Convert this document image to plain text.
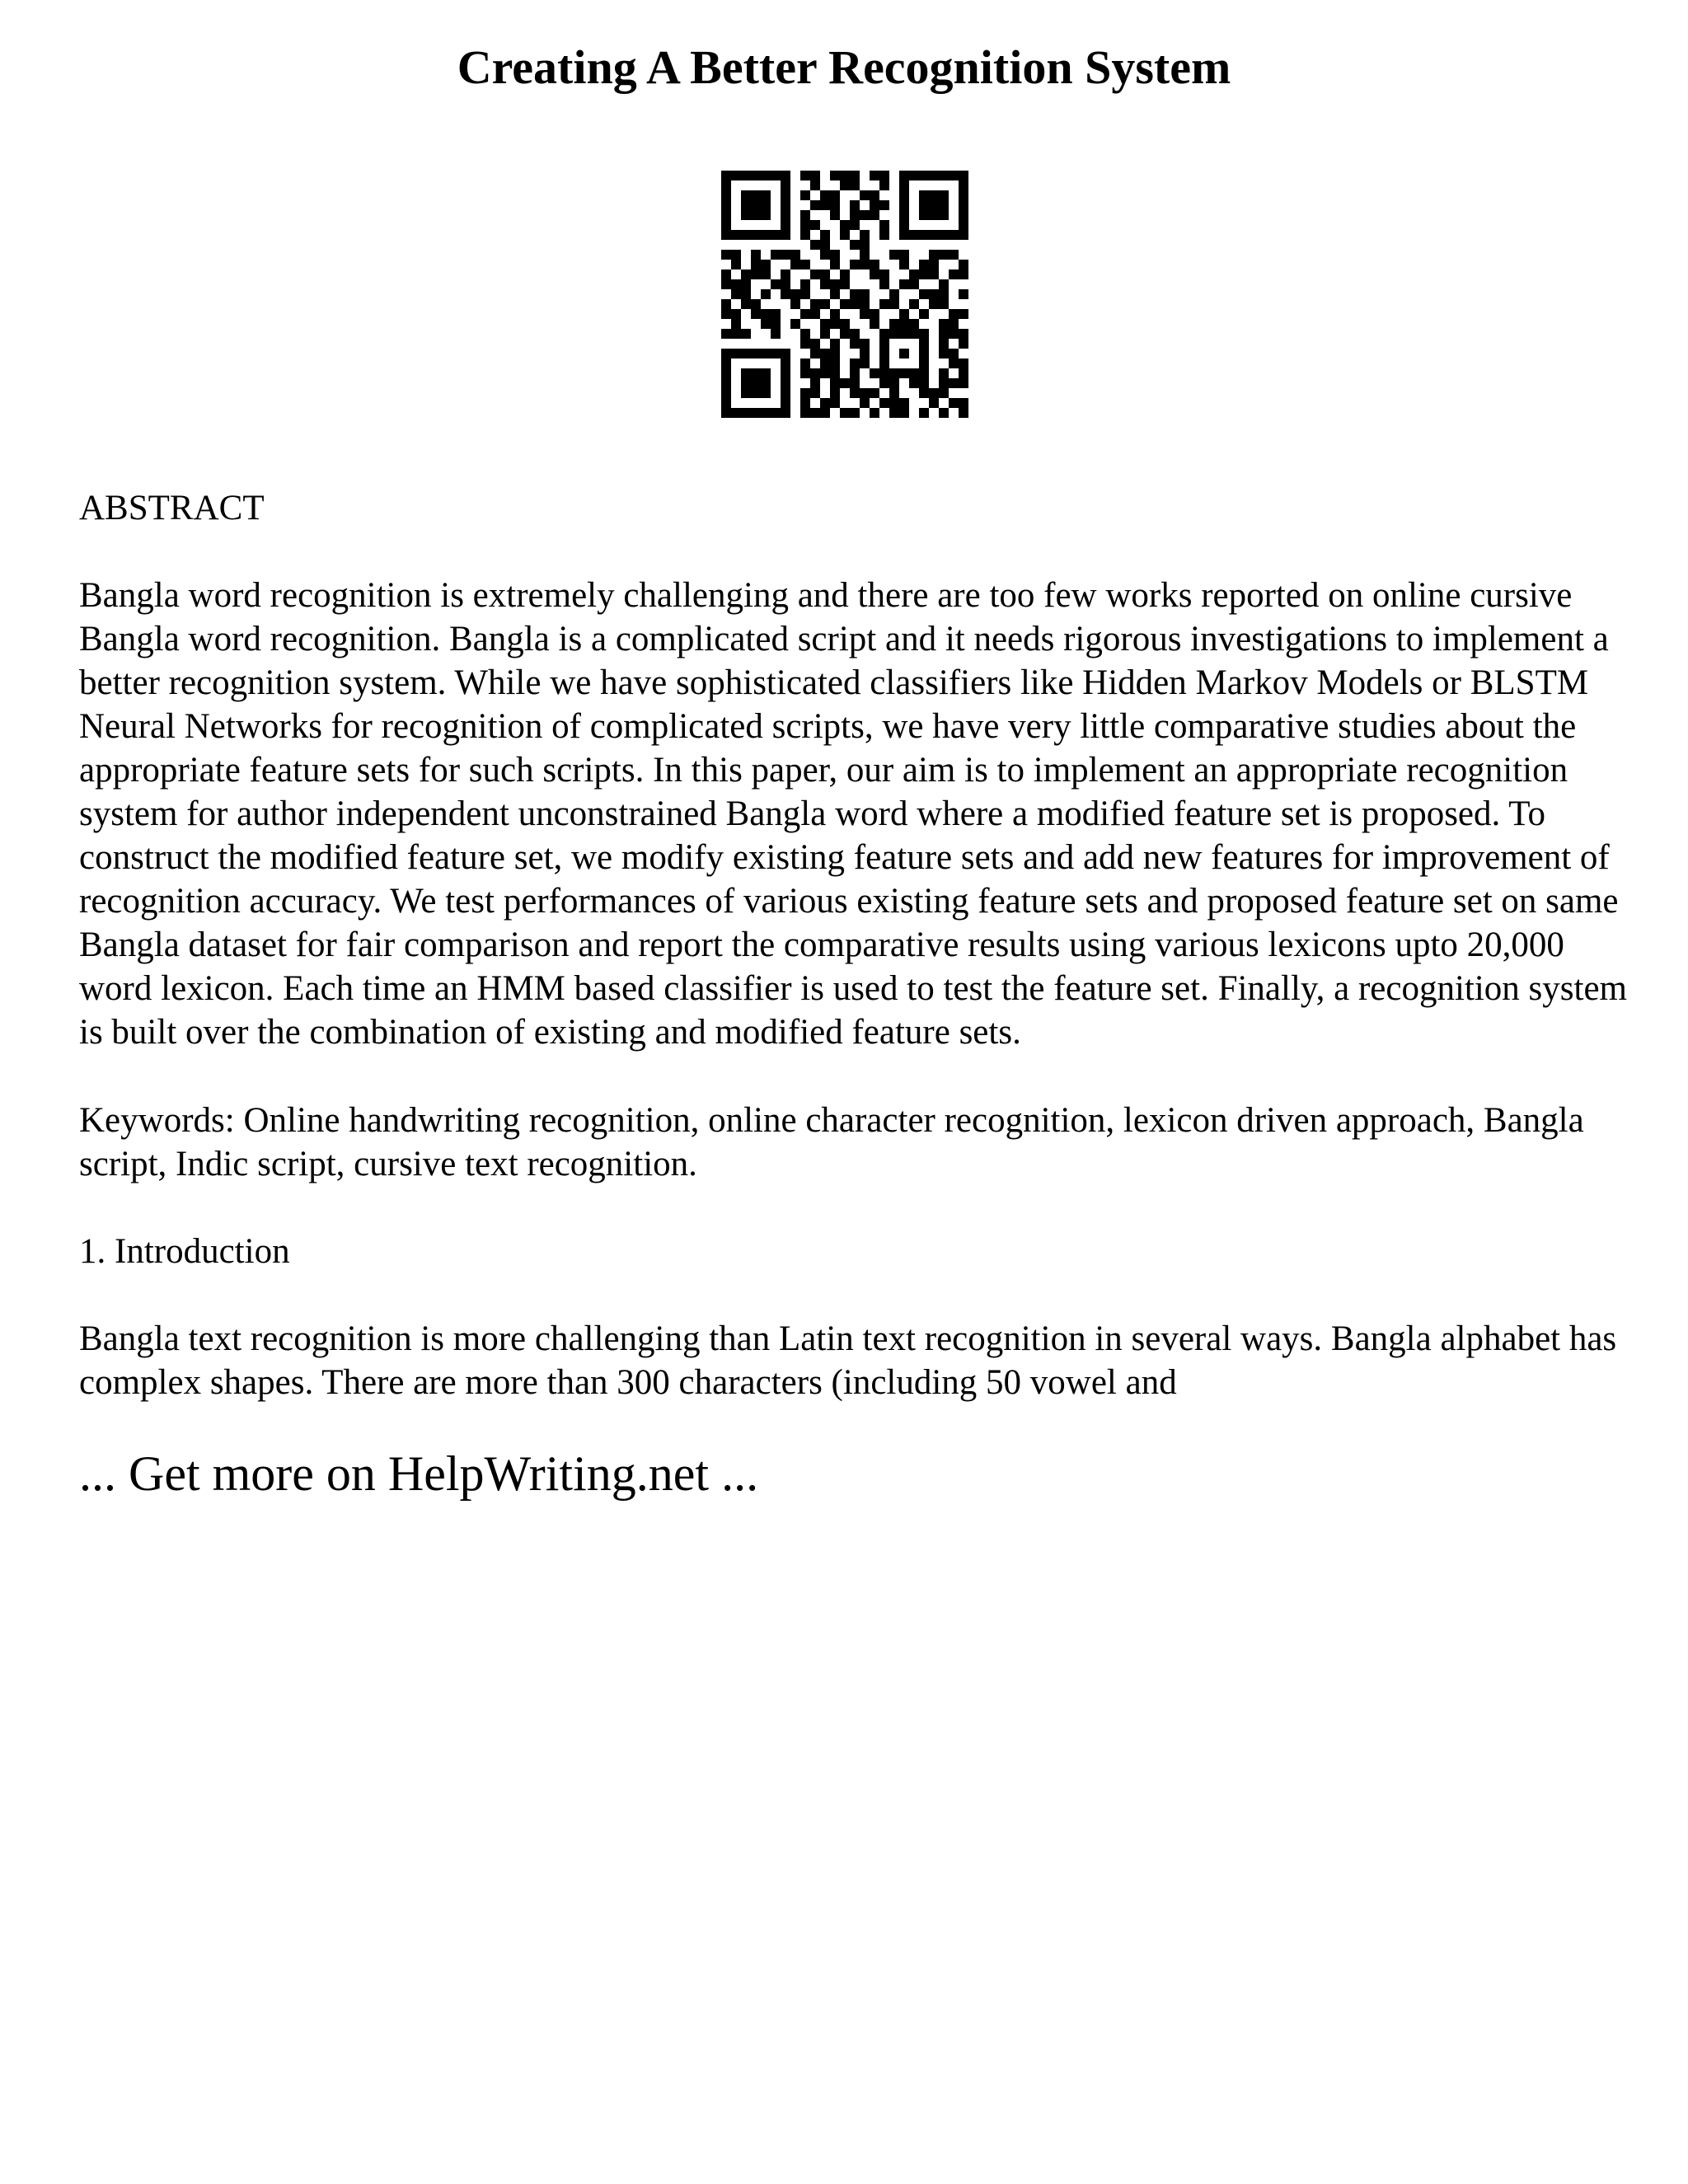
Creating A Better Recognition System

ABSTRACT

Bangla word recognition is extremely challenging and there are too few works reported on online cursive Bangla word recognition. Bangla is a complicated script and it needs rigorous investigations to implement a better recognition system. While we have sophisticated classifiers like Hidden Markov Models or BLSTM Neural Networks for recognition of complicated scripts, we have very little comparative studies about the appropriate feature sets for such scripts. In this paper, our aim is to implement an appropriate recognition system for author independent unconstrained Bangla word where a modified feature set is proposed. To construct the modified feature set, we modify existing feature sets and add new features for improvement of recognition accuracy. We test performances of various existing feature sets and proposed feature set on same Bangla dataset for fair comparison and report the comparative results using various lexicons upto 20,000 word lexicon. Each time an HMM based classifier is used to test the feature set. Finally, a recognition system is built over the combination of existing and modified feature sets.

Keywords: Online handwriting recognition, online character recognition, lexicon driven approach, Bangla script, Indic script, cursive text recognition.

1. Introduction

Bangla text recognition is more challenging than Latin text recognition in several ways. Bangla alphabet has complex shapes. There are more than 300 characters (including 50 vowel and

... Get more on HelpWriting.net ...
